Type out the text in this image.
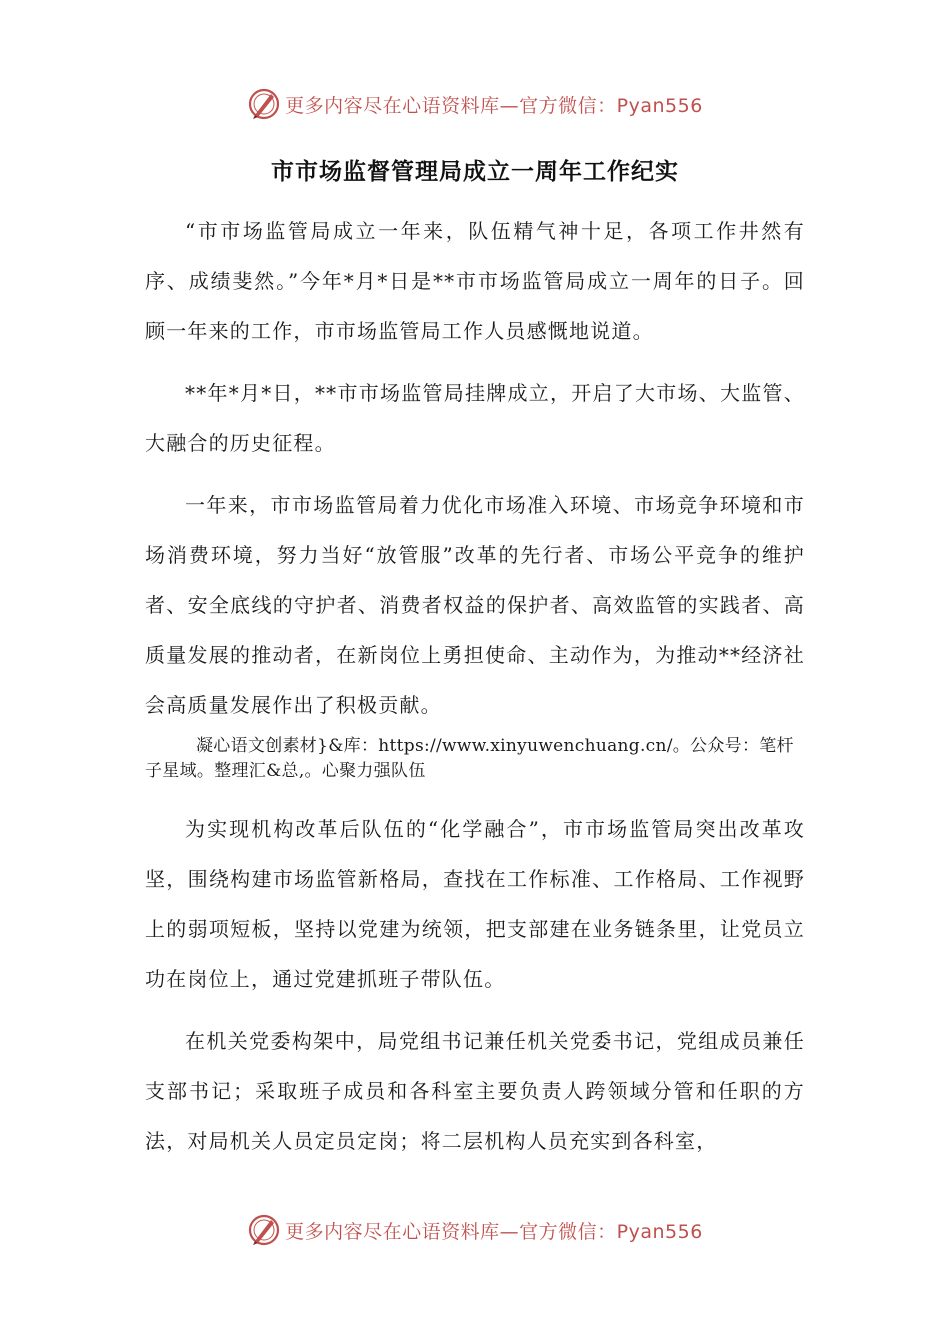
更多内容尽在心语资料库—官方微信：Pyan556
市市场监督管理局成立一周年工作纪实

“市市场监管局成立一年来，队伍精气神十足，各项工作井然有序、成绩斐然。”今年*月*日是**市市场监管局成立一周年的日子。回顾一年来的工作，市市场监管局工作人员感慨地说道。

**年*月*日，**市市场监管局挂牌成立，开启了大市场、大监管、大融合的历史征程。

一年来，市市场监管局着力优化市场准入环境、市场竞争环境和市场消费环境，努力当好“放管服”改革的先行者、市场公平竞争的维护者、安全底线的守护者、消费者权益的保护者、高效监管的实践者、高质量发展的推动者，在新岗位上勇担使命、主动作为，为推动**经济社会高质量发展作出了积极贡献。

凝心语文创素材}&库：https://www.xinyuwenchuang.cn/。公众号：笔杆子星域。整理汇&总,。心聚力强队伍

为实现机构改革后队伍的“化学融合”，市市场监管局突出改革攻坚，围绕构建市场监管新格局，查找在工作标准、工作格局、工作视野上的弱项短板，坚持以党建为统领，把支部建在业务链条里，让党员立功在岗位上，通过党建抓班子带队伍。

在机关党委构架中，局党组书记兼任机关党委书记，党组成员兼任支部书记；采取班子成员和各科室主要负责人跨领域分管和任职的方法，对局机关人员定员定岗；将二层机构人员充实到各科室，

更多内容尽在心语资料库—官方微信：Pyan556
